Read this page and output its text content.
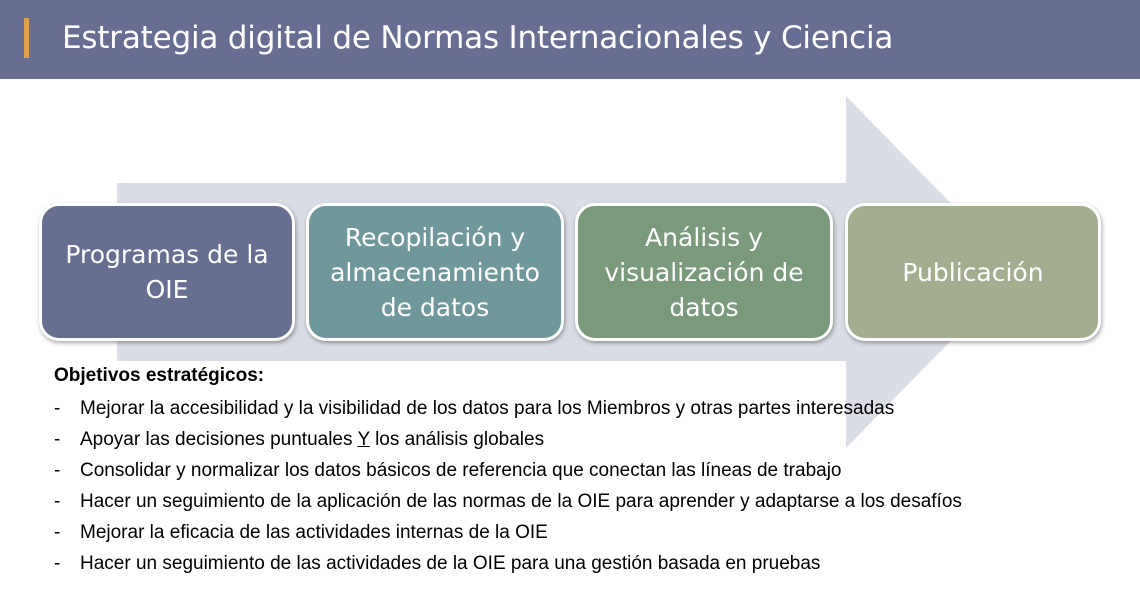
Estrategia digital de Normas Internacionales y Ciencia
Programas de la OIE
Recopilación y almacenamiento de datos
Análisis y visualización de datos
Publicación
Objetivos estratégicos:
- Mejorar la accesibilidad y la visibilidad de los datos para los Miembros y otras partes interesadas
- Apoyar las decisiones puntuales Y los análisis globales
- Consolidar y normalizar los datos básicos de referencia que conectan las líneas de trabajo
- Hacer un seguimiento de la aplicación de las normas de la OIE para aprender y adaptarse a los desafíos
- Mejorar la eficacia de las actividades internas de la OIE
- Hacer un seguimiento de las actividades de la OIE para una gestión basada en pruebas
